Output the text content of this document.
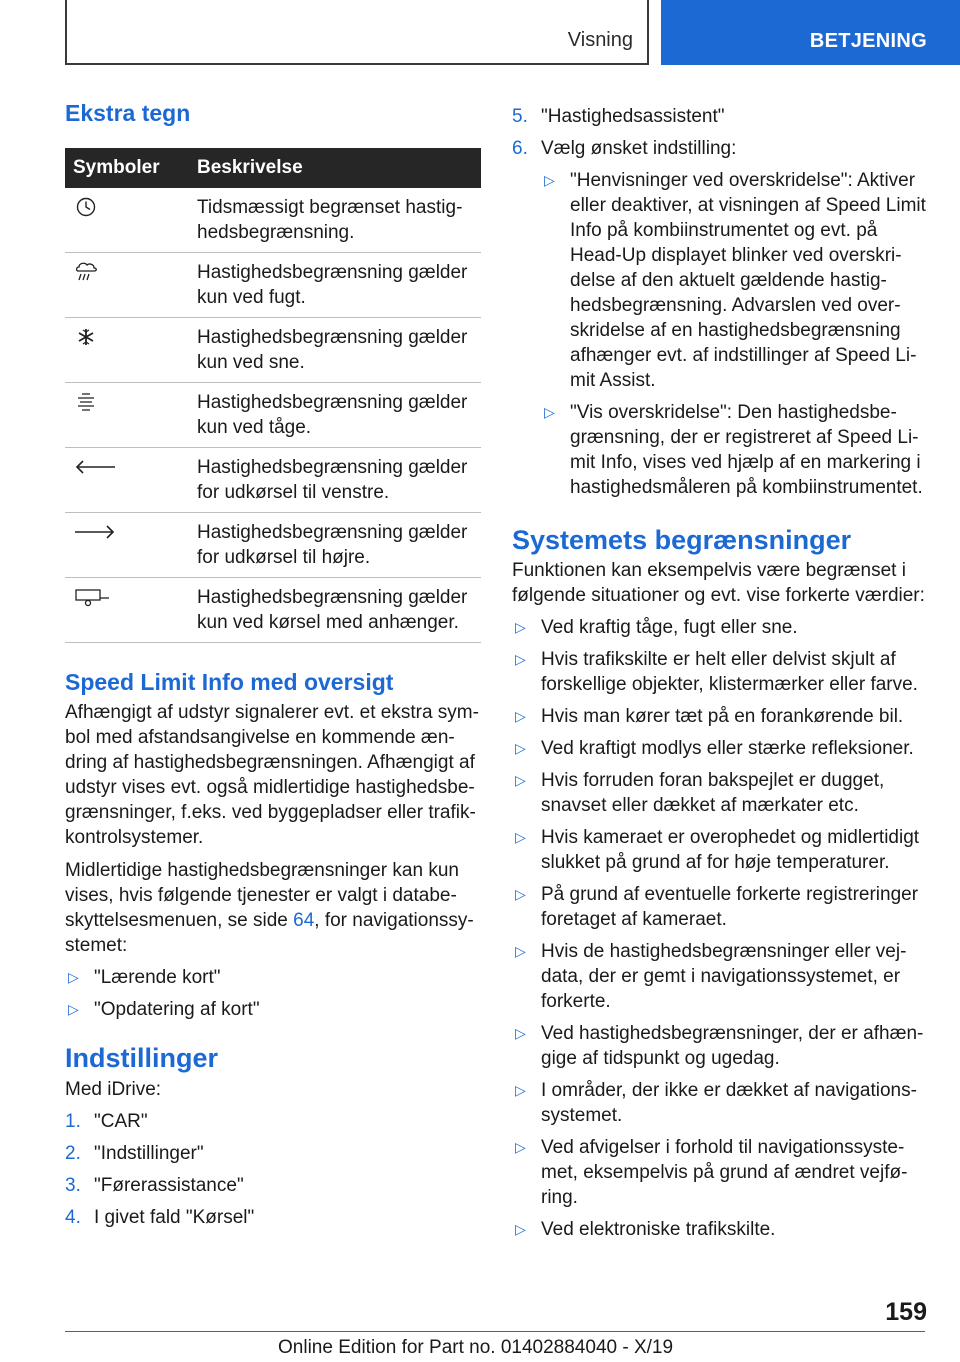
Visning	BETJENING
Ekstra tegn
Symboler	Beskrivelse
Tidsmæssigt begrænset hastig-
hedsbegrænsning.
Hastighedsbegrænsning gælder
kun ved fugt.
Hastighedsbegrænsning gælder
kun ved sne.
Hastighedsbegrænsning gælder
kun ved tåge.
Hastighedsbegrænsning gælder
for udkørsel til venstre.
Hastighedsbegrænsning gælder
for udkørsel til højre.
Hastighedsbegrænsning gælder
kun ved kørsel med anhænger.
Speed Limit Info med oversigt

Afhængigt af udstyr signalerer evt. et ekstra sym-bol med afstandsangivelse en kommende æn-dring af hastighedsbegrænsningen. Afhængigt af udstyr vises evt. også midlertidige hastighedsbe-grænsninger, f.eks. ved byggepladser eller trafik-kontrolsystemer.

Midlertidige hastighedsbegrænsninger kan kun vises, hvis følgende tjenester er valgt i databe-skyttelsesmenuen, se side 64, for navigationssy-stemet:

▷ "Lærende kort"
▷ "Opdatering af kort"
Indstillinger

Med iDrive:

1. "CAR"
2. "Indstillinger"
3. "Førerassistance"
4. I givet fald "Kørsel"
5. "Hastighedsassistent"
6. Vælg ønsket indstilling:
▷ "Henvisninger ved overskridelse": Aktiver eller deaktiver, at visningen af Speed Limit Info på kombiinstrumentet og evt. på Head-Up displayet blinker ved overskri-delse af den aktuelt gældende hastig-hedsbegrænsning. Advarslen ved over-skridelse af en hastighedsbegrænsning afhænger evt. af indstillinger af Speed Li-mit Assist.
▷ "Vis overskridelse": Den hastighedsbe-grænsning, der er registreret af Speed Li-mit Info, vises ved hjælp af en markering i hastighedsmåleren på kombiinstrumentet.
Systemets begrænsninger

Funktionen kan eksempelvis være begrænset i følgende situationer og evt. vise forkerte værdier:

▷ Ved kraftig tåge, fugt eller sne.
▷ Hvis trafikskilte er helt eller delvist skjult af forskellige objekter, klistermærker eller farve.
▷ Hvis man kører tæt på en forankørende bil.
▷ Ved kraftigt modlys eller stærke refleksioner.
▷ Hvis forruden foran bakspejlet er dugget, snavset eller dækket af mærkater etc.
▷ Hvis kameraet er overophedet og midlertidigt slukket på grund af for høje temperaturer.
▷ På grund af eventuelle forkerte registreringer foretaget af kameraet.
▷ Hvis de hastighedsbegrænsninger eller vej-data, der er gemt i navigationssystemet, er forkerte.
▷ Ved hastighedsbegrænsninger, der er afhæn-gige af tidspunkt og ugedag.
▷ I områder, der ikke er dækket af navigations-systemet.
▷ Ved afvigelser i forhold til navigationssyste-met, eksempelvis på grund af ændret vejfø-ring.
▷ Ved elektroniske trafikskilte.
159
Online Edition for Part no. 01402884040 - X/19
